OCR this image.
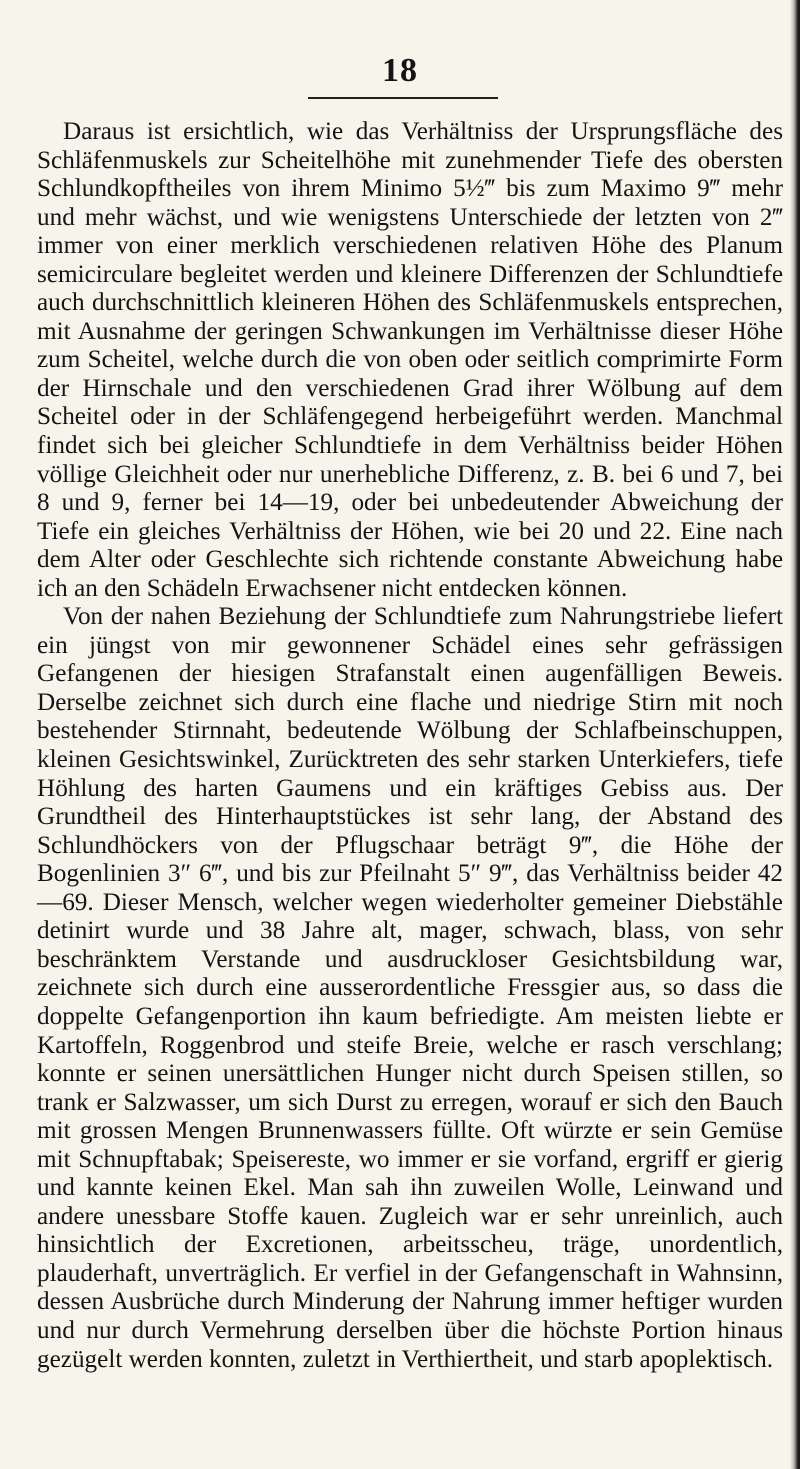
18

Daraus ist ersichtlich, wie das Verhältniss der Ursprungsfläche des Schläfenmuskels zur Scheitelhöhe mit zunehmender Tiefe des obersten Schlundkopftheiles von ihrem Minimo 5½‴ bis zum Maximo 9‴ mehr und mehr wächst, und wie wenigstens Unterschiede der letzten von 2‴ immer von einer merklich verschiedenen relativen Höhe des Planum semicirculare begleitet werden und kleinere Differenzen der Schlundtiefe auch durchschnittlich kleineren Höhen des Schläfenmuskels entsprechen, mit Ausnahme der geringen Schwankungen im Verhältnisse dieser Höhe zum Scheitel, welche durch die von oben oder seitlich comprimirte Form der Hirnschale und den verschiedenen Grad ihrer Wölbung auf dem Scheitel oder in der Schläfengegend herbeigeführt werden. Manchmal findet sich bei gleicher Schlundtiefe in dem Verhältniss beider Höhen völlige Gleichheit oder nur unerhebliche Differenz, z. B. bei 6 und 7, bei 8 und 9, ferner bei 14—19, oder bei unbedeutender Abweichung der Tiefe ein gleiches Verhältniss der Höhen, wie bei 20 und 22. Eine nach dem Alter oder Geschlechte sich richtende constante Abweichung habe ich an den Schädeln Erwachsener nicht entdecken können.

Von der nahen Beziehung der Schlundtiefe zum Nahrungstriebe liefert ein jüngst von mir gewonnener Schädel eines sehr gefrässigen Gefangenen der hiesigen Strafanstalt einen augenfälligen Beweis. Derselbe zeichnet sich durch eine flache und niedrige Stirn mit noch bestehender Stirnnaht, bedeutende Wölbung der Schlafbeinschuppen, kleinen Gesichtswinkel, Zurücktreten des sehr starken Unterkiefers, tiefe Höhlung des harten Gaumens und ein kräftiges Gebiss aus. Der Grundtheil des Hinterhauptstückes ist sehr lang, der Abstand des Schlundhöckers von der Pflugschaar beträgt 9‴, die Höhe der Bogenlinien 3″ 6‴, und bis zur Pfeilnaht 5″ 9‴, das Verhältniss beider 42—69. Dieser Mensch, welcher wegen wiederholter gemeiner Diebstähle detinirt wurde und 38 Jahre alt, mager, schwach, blass, von sehr beschränktem Verstande und ausdruckloser Gesichtsbildung war, zeichnete sich durch eine ausserordentliche Fressgier aus, so dass die doppelte Gefangenportion ihn kaum befriedigte. Am meisten liebte er Kartoffeln, Roggenbrod und steife Breie, welche er rasch verschlang; konnte er seinen unersättlichen Hunger nicht durch Speisen stillen, so trank er Salzwasser, um sich Durst zu erregen, worauf er sich den Bauch mit grossen Mengen Brunnenwassers füllte. Oft würzte er sein Gemüse mit Schnupftabak; Speisereste, wo immer er sie vorfand, ergriff er gierig und kannte keinen Ekel. Man sah ihn zuweilen Wolle, Leinwand und andere unessbare Stoffe kauen. Zugleich war er sehr unreinlich, auch hinsichtlich der Excretionen, arbeitsscheu, träge, unordentlich, plauderhaft, unverträglich. Er verfiel in der Gefangenschaft in Wahnsinn, dessen Ausbrüche durch Minderung der Nahrung immer heftiger wurden und nur durch Vermehrung derselben über die höchste Portion hinaus gezügelt werden konnten, zuletzt in Verthiertheit, und starb apoplektisch.
